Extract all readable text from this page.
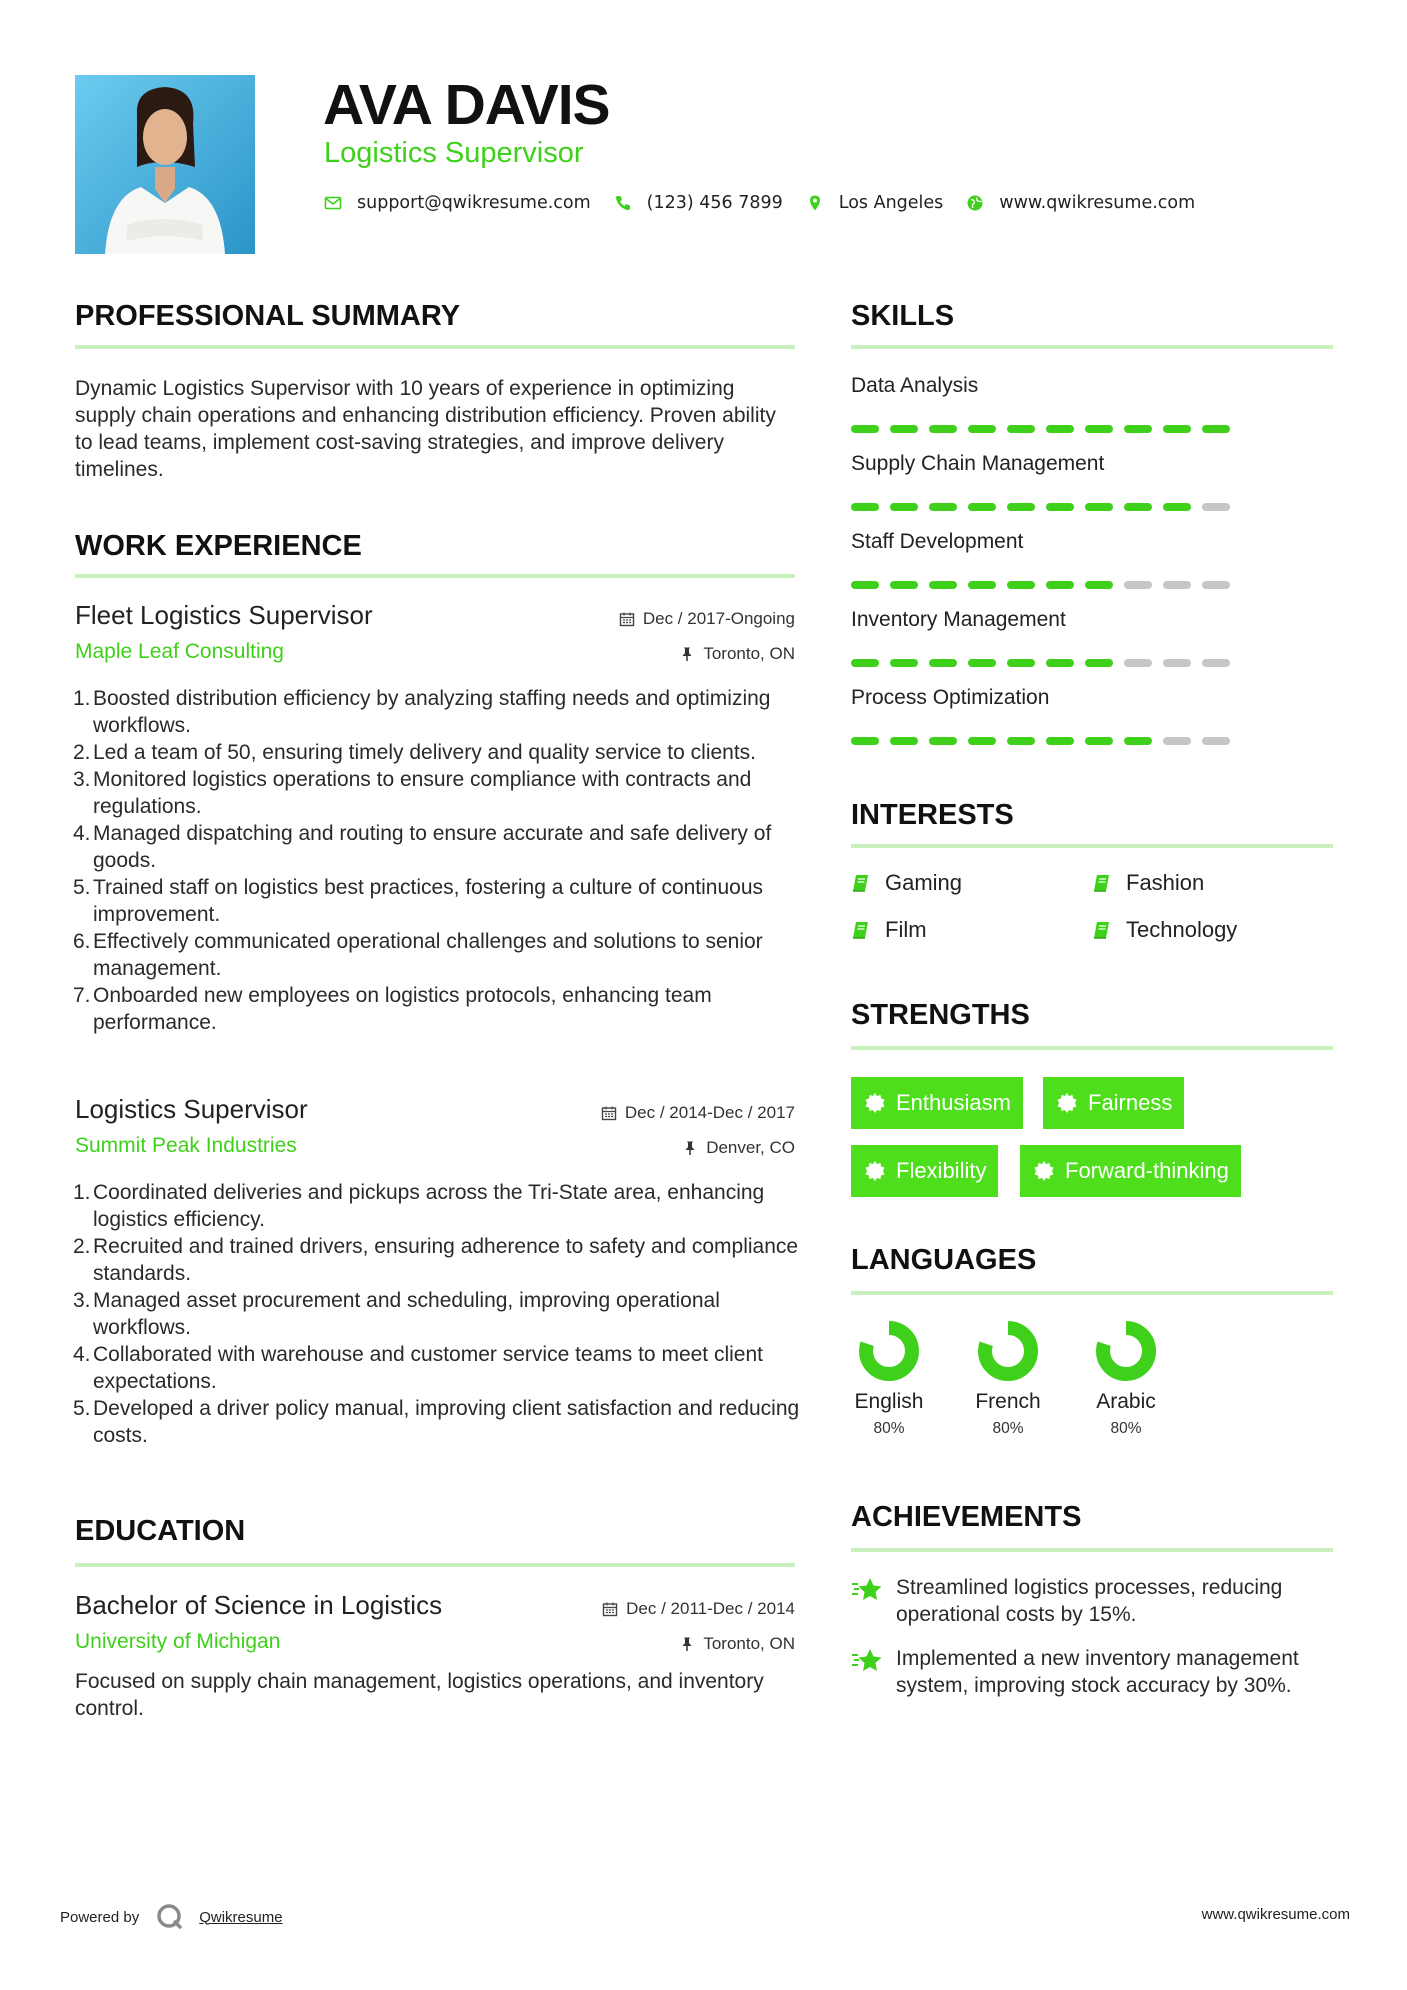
AVA DAVIS
Logistics Supervisor
support@qwikresume.com	(123) 456 7899	Los Angeles	www.qwikresume.com
PROFESSIONAL SUMMARY
Dynamic Logistics Supervisor with 10 years of experience in optimizing supply chain operations and enhancing distribution efficiency. Proven ability to lead teams, implement cost-saving strategies, and improve delivery timelines.
WORK EXPERIENCE
Fleet Logistics Supervisor	Dec / 2017-Ongoing
Maple Leaf Consulting	Toronto, ON
1. Boosted distribution efficiency by analyzing staffing needs and optimizing workflows.
2. Led a team of 50, ensuring timely delivery and quality service to clients.
3. Monitored logistics operations to ensure compliance with contracts and regulations.
4. Managed dispatching and routing to ensure accurate and safe delivery of goods.
5. Trained staff on logistics best practices, fostering a culture of continuous improvement.
6. Effectively communicated operational challenges and solutions to senior management.
7. Onboarded new employees on logistics protocols, enhancing team performance.
Logistics Supervisor	Dec / 2014-Dec / 2017
Summit Peak Industries	Denver, CO
1. Coordinated deliveries and pickups across the Tri-State area, enhancing logistics efficiency.
2. Recruited and trained drivers, ensuring adherence to safety and compliance standards.
3. Managed asset procurement and scheduling, improving operational workflows.
4. Collaborated with warehouse and customer service teams to meet client expectations.
5. Developed a driver policy manual, improving client satisfaction and reducing costs.
EDUCATION
Bachelor of Science in Logistics	Dec / 2011-Dec / 2014
University of Michigan	Toronto, ON
Focused on supply chain management, logistics operations, and inventory control.
SKILLS
Data Analysis
Supply Chain Management
Staff Development
Inventory Management
Process Optimization
INTERESTS
Gaming	Fashion
Film	Technology
STRENGTHS
Enthusiasm	Fairness
Flexibility	Forward-thinking
LANGUAGES
English
80%
French
80%
Arabic
80%
ACHIEVEMENTS
Streamlined logistics processes, reducing operational costs by 15%.
Implemented a new inventory management system, improving stock accuracy by 30%.
Powered by	Qwikresume	www.qwikresume.com
